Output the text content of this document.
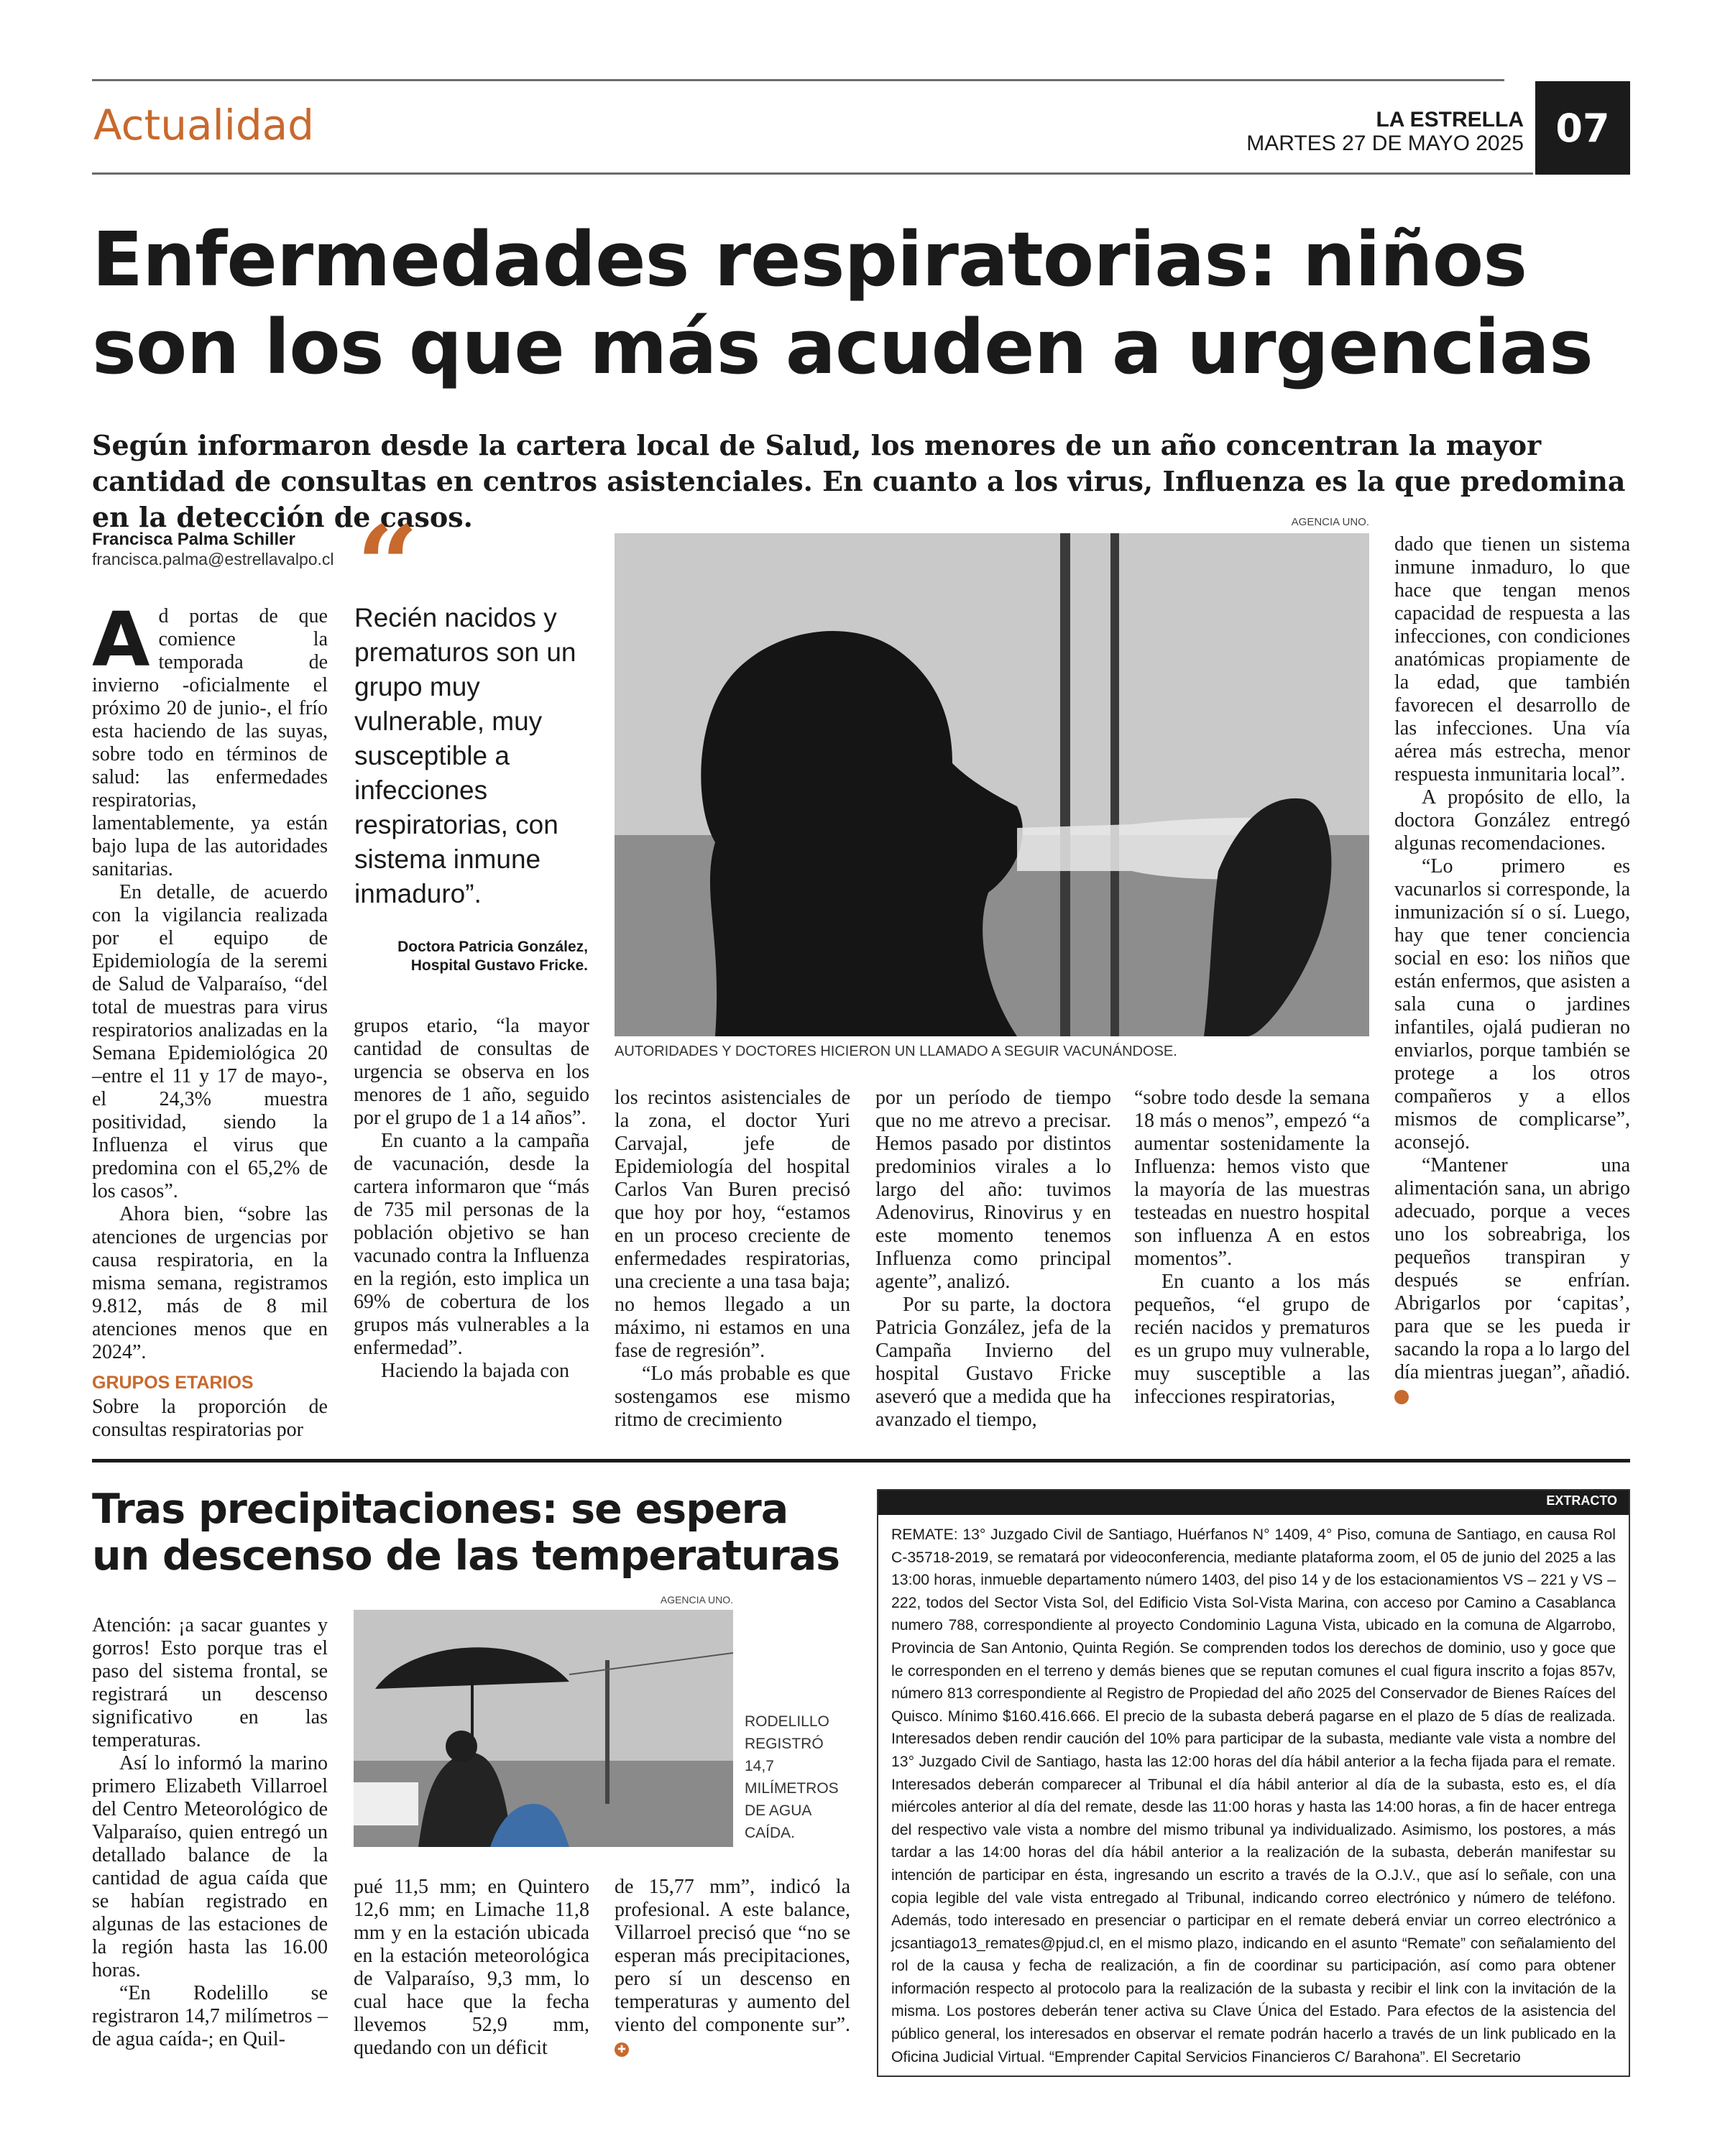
Actualidad	LA ESTRELLA
MARTES 27 DE MAYO 2025 07
Enfermedades respiratorias: niños son los que más acuden a urgencias

Según informaron desde la cartera local de Salud, los menores de un año concentran la mayor cantidad de consultas en centros asistenciales. En cuanto a los virus, Influenza es la que predomina en la detección de casos.

Francisca Palma Schiller
francisca.palma@estrellavalpo.cl

Ad portas de que comience la temporada de invierno -oficialmente el próximo 20 de junio-, el frío esta haciendo de las suyas, sobre todo en términos de salud: las enfermedades respiratorias, lamentablemente, ya están bajo lupa de las autoridades sanitarias.

En detalle, de acuerdo con la vigilancia realizada por el equipo de Epidemiología de la seremi de Salud de Valparaíso, “del total de muestras para virus respiratorios analizadas en la Semana Epidemiológica 20 –entre el 11 y 17 de mayo-, el 24,3% muestra positividad, siendo la Influenza el virus que predomina con el 65,2% de los casos”.

Ahora bien, “sobre las atenciones de urgencias por causa respiratoria, en la misma semana, registramos 9.812, más de 8 mil atenciones menos que en 2024”.

GRUPOS ETARIOS

Sobre la proporción de consultas respiratorias por

“
Recién nacidos y prematuros son un grupo muy vulnerable, muy susceptible a infecciones respiratorias, con sistema inmune inmaduro”.
Doctora Patricia González, Hospital Gustavo Fricke.
AGENCIA UNO.
AUTORIDADES Y DOCTORES HICIERON UN LLAMADO A SEGUIR VACUNÁNDOSE.

grupos etario, “la mayor cantidad de consultas de urgencia se observa en los menores de 1 año, seguido por el grupo de 1 a 14 años”.

En cuanto a la campaña de vacunación, desde la cartera informaron que “más de 735 mil personas de la población objetivo se han vacunado contra la Influenza en la región, esto implica un 69% de cobertura de los grupos más vulnerables a la enfermedad”.

Haciendo la bajada con

los recintos asistenciales de la zona, el doctor Yuri Carvajal, jefe de Epidemiología del hospital Carlos Van Buren precisó que hoy por hoy, “estamos en un proceso creciente de enfermedades respiratorias, una creciente a una tasa baja; no hemos llegado a un máximo, ni estamos en una fase de regresión”.

“Lo más probable es que sostengamos ese mismo ritmo de crecimiento

por un período de tiempo que no me atrevo a precisar. Hemos pasado por distintos predominios virales a lo largo del año: tuvimos Adenovirus, Rinovirus y en este momento tenemos Influenza como principal agente”, analizó.

Por su parte, la doctora Patricia González, jefa de la Campaña Invierno del hospital Gustavo Fricke aseveró que a medida que ha avanzado el tiempo,

“sobre todo desde la semana 18 más o menos”, empezó “a aumentar sostenidamente la Influenza: hemos visto que la mayoría de las muestras testeadas en nuestro hospital son influenza A en estos momentos”.

En cuanto a los más pequeños, “el grupo de recién nacidos y prematuros es un grupo muy vulnerable, muy susceptible a las infecciones respiratorias,

dado que tienen un sistema inmune inmaduro, lo que hace que tengan menos capacidad de respuesta a las infecciones, con condiciones anatómicas propiamente de la edad, que también favorecen el desarrollo de las infecciones. Una vía aérea más estrecha, menor respuesta inmunitaria local”.

A propósito de ello, la doctora González entregó algunas recomendaciones.

“Lo primero es vacunarlos si corresponde, la inmunización sí o sí. Luego, hay que tener conciencia social en eso: los niños que están enfermos, que asisten a sala cuna o jardines infantiles, ojalá pudieran no enviarlos, porque también se protege a los otros compañeros y a ellos mismos de complicarse”, aconsejó.

“Mantener una alimentación sana, un abrigo adecuado, porque a veces uno los sobreabriga, los pequeños transpiran y después se enfrían. Abrigarlos por ‘capitas’, para que se les pueda ir sacando la ropa a lo largo del día mientras juegan”, añadió. ✚

Tras precipitaciones: se espera un descenso de las temperaturas

Atención: ¡a sacar guantes y gorros! Esto porque tras el paso del sistema frontal, se registrará un descenso significativo en las temperaturas.

Así lo informó la marino primero Elizabeth Villarroel del Centro Meteorológico de Valparaíso, quien entregó un detallado balance de la cantidad de agua caída que se habían registrado en algunas de las estaciones de la región hasta las 16.00 horas.

“En Rodelillo se registraron 14,7 milímetros –de agua caída-; en Quil-

AGENCIA UNO.
RODELILLO REGISTRÓ 14,7 MILÍMETROS DE AGUA CAÍDA.

pué 11,5 mm; en Quintero 12,6 mm; en Limache 11,8 mm y en la estación ubicada en la estación meteorológica de Valparaíso, 9,3 mm, lo cual hace que la fecha llevemos 52,9 mm, quedando con un déficit

de 15,77 mm”, indicó la profesional. A este balance, Villarroel precisó que “no se esperan más precipitaciones, pero sí un descenso en temperaturas y aumento del viento del componente sur”. ✚

EXTRACTO

REMATE: 13° Juzgado Civil de Santiago, Huérfanos N° 1409, 4° Piso, comuna de Santiago, en causa Rol C-35718-2019, se rematará por videoconferencia, mediante plataforma zoom, el 05 de junio del 2025 a las 13:00 horas, inmueble departamento número 1403, del piso 14 y de los estacionamientos VS – 221 y VS – 222, todos del Sector Vista Sol, del Edificio Vista Sol-Vista Marina, con acceso por Camino a Casablanca numero 788, correspondiente al proyecto Condominio Laguna Vista, ubicado en la comuna de Algarrobo, Provincia de San Antonio, Quinta Región. Se comprenden todos los derechos de dominio, uso y goce que le corresponden en el terreno y demás bienes que se reputan comunes el cual figura inscrito a fojas 857v, número 813 correspondiente al Registro de Propiedad del año 2025 del Conservador de Bienes Raíces del Quisco. Mínimo $160.416.666. El precio de la subasta deberá pagarse en el plazo de 5 días de realizada. Interesados deben rendir caución del 10% para participar de la subasta, mediante vale vista a nombre del 13° Juzgado Civil de Santiago, hasta las 12:00 horas del día hábil anterior a la fecha fijada para el remate. Interesados deberán comparecer al Tribunal el día hábil anterior al día de la subasta, esto es, el día miércoles anterior al día del remate, desde las 11:00 horas y hasta las 14:00 horas, a fin de hacer entrega del respectivo vale vista a nombre del mismo tribunal ya individualizado. Asimismo, los postores, a más tardar a las 14:00 horas del día hábil anterior a la realización de la subasta, deberán manifestar su intención de participar en ésta, ingresando un escrito a través de la O.J.V., que así lo señale, con una copia legible del vale vista entregado al Tribunal, indicando correo electrónico y número de teléfono. Además, todo interesado en presenciar o participar en el remate deberá enviar un correo electrónico a jcsantiago13_remates@pjud.cl, en el mismo plazo, indicando en el asunto “Remate” con señalamiento del rol de la causa y fecha de realización, a fin de coordinar su participación, así como para obtener información respecto al protocolo para la realización de la subasta y recibir el link con la invitación de la misma. Los postores deberán tener activa su Clave Única del Estado. Para efectos de la asistencia del público general, los interesados en observar el remate podrán hacerlo a través de un link publicado en la Oficina Judicial Virtual. “Emprender Capital Servicios Financieros C/ Barahona”. El Secretario
